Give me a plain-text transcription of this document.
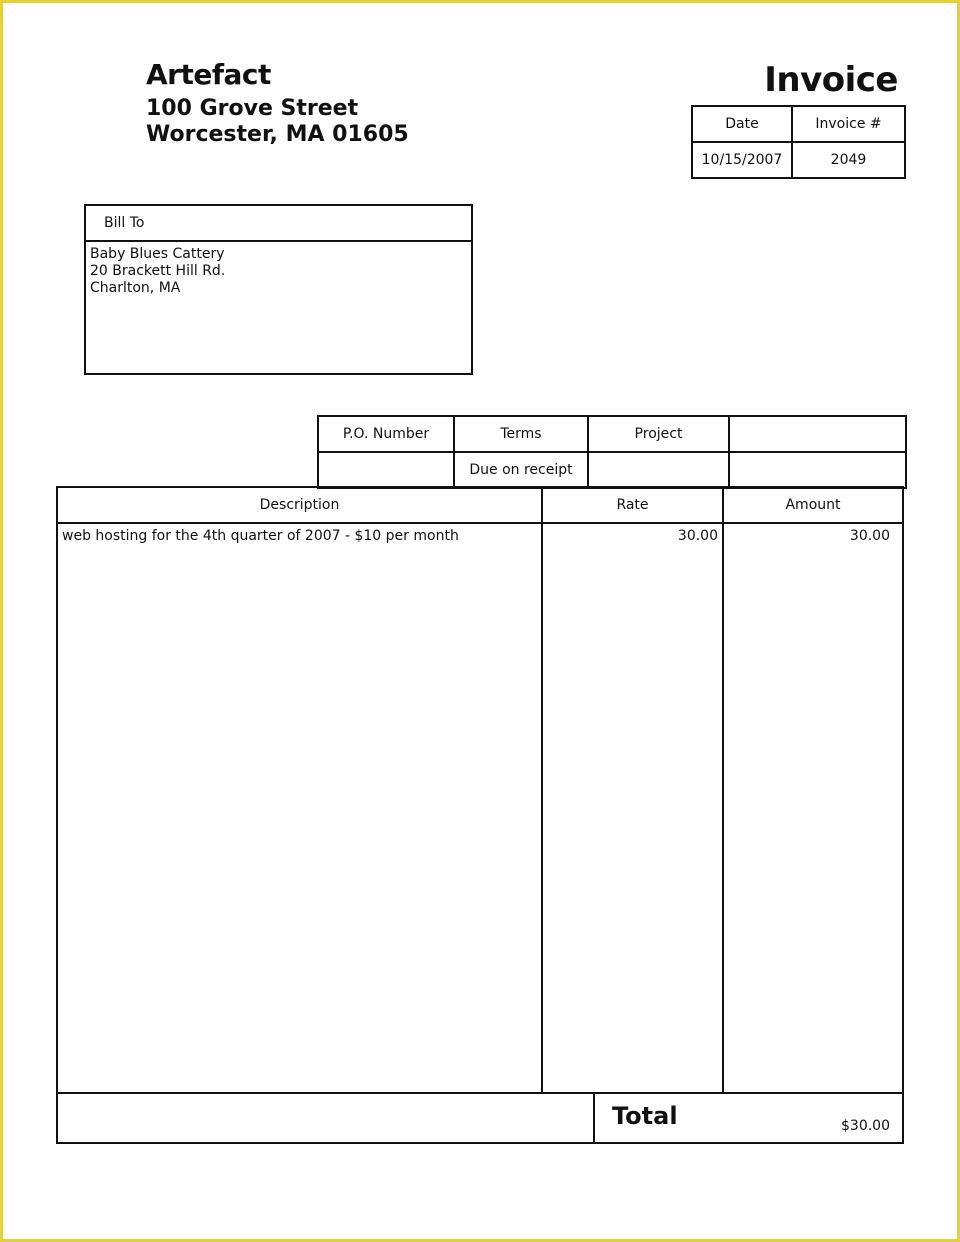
Artefact
100 Grove Street
Worcester, MA 01605
Invoice
Date	Invoice #
10/15/2007	2049
Bill To
Baby Blues Cattery
20 Brackett Hill Rd.
Charlton, MA
P.O. Number	Terms	Project	
	Due on receipt		
Description	Rate	Amount
web hosting for the 4th quarter of 2007 - $10 per month	30.00	30.00
Total	$30.00
